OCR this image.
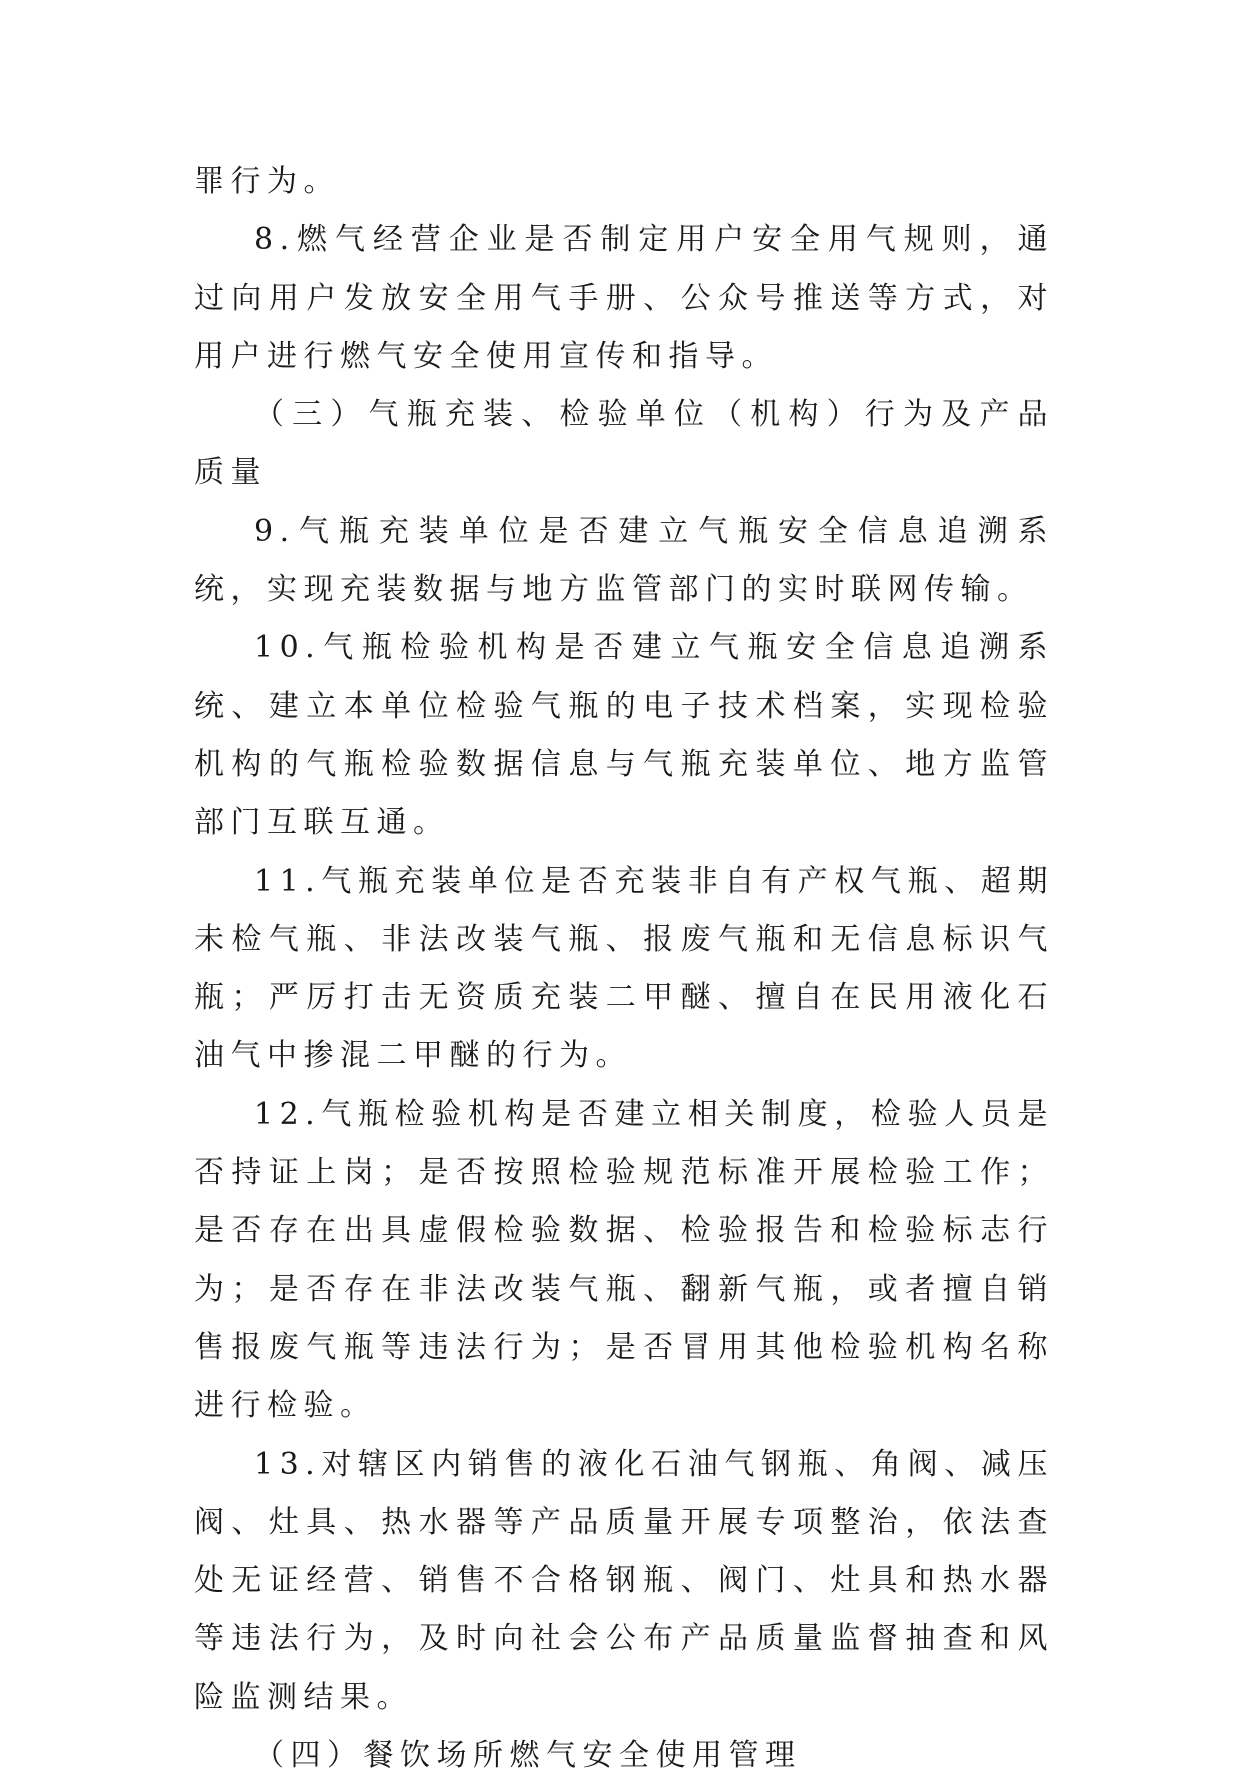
罪行为。

8.燃气经营企业是否制定用户安全用气规则，通过向用户发放安全用气手册、公众号推送等方式，对用户进行燃气安全使用宣传和指导。

（三）气瓶充装、检验单位（机构）行为及产品质量

9.气瓶充装单位是否建立气瓶安全信息追溯系统，实现充装数据与地方监管部门的实时联网传输。

10.气瓶检验机构是否建立气瓶安全信息追溯系统、建立本单位检验气瓶的电子技术档案，实现检验机构的气瓶检验数据信息与气瓶充装单位、地方监管部门互联互通。

11.气瓶充装单位是否充装非自有产权气瓶、超期未检气瓶、非法改装气瓶、报废气瓶和无信息标识气瓶；严厉打击无资质充装二甲醚、擅自在民用液化石油气中掺混二甲醚的行为。

12.气瓶检验机构是否建立相关制度，检验人员是否持证上岗；是否按照检验规范标准开展检验工作；是否存在出具虚假检验数据、检验报告和检验标志行为；是否存在非法改装气瓶、翻新气瓶，或者擅自销售报废气瓶等违法行为；是否冒用其他检验机构名称进行检验。

13.对辖区内销售的液化石油气钢瓶、角阀、减压阀、灶具、热水器等产品质量开展专项整治，依法查处无证经营、销售不合格钢瓶、阀门、灶具和热水器等违法行为，及时向社会公布产品质量监督抽查和风险监测结果。

（四）餐饮场所燃气安全使用管理
